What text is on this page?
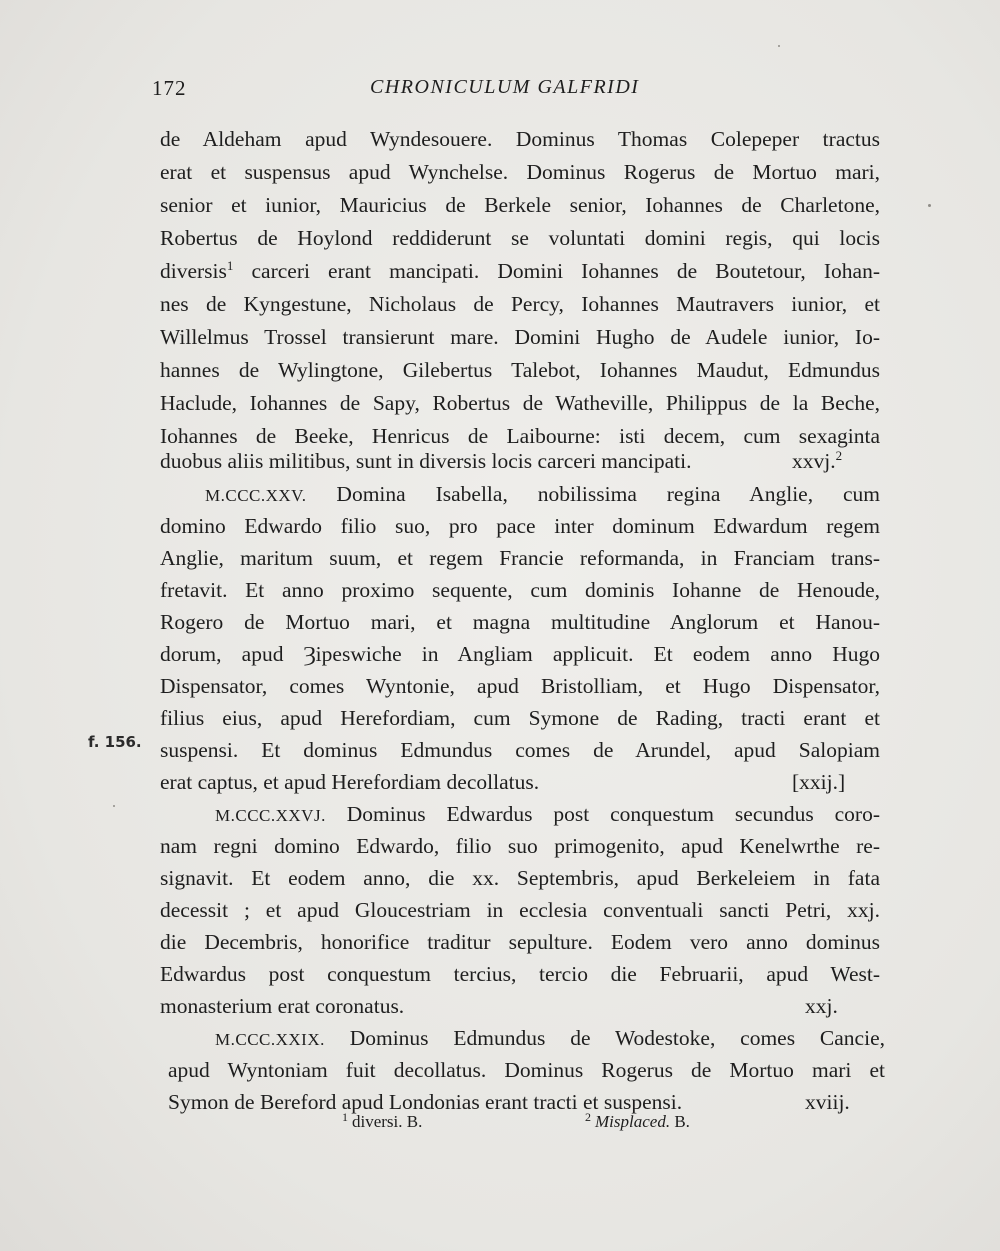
172	CHRONICULUM GALFRIDI
f. 156.
de Aldeham apud Wyndesouere. Dominus Thomas Colepeper tractus
erat et suspensus apud Wynchelse. Dominus Rogerus de Mortuo mari,
senior et iunior, Mauricius de Berkele senior, Iohannes de Charletone,
Robertus de Hoylond reddiderunt se voluntati domini regis, qui locis
diversis$^1$ carceri erant mancipati. Domini Iohannes de Boutetour, Iohan-
nes de Kyngestune, Nicholaus de Percy, Iohannes Mautravers iunior, et
Willelmus Trossel transierunt mare. Domini Hugho de Audele iunior, Io-
hannes de Wylingtone, Gilebertus Talebot, Iohannes Maudut, Edmundus
Haclude, Iohannes de Sapy, Robertus de Watheville, Philippus de la Beche,
Iohannes de Beeke, Henricus de Laibourne: isti decem, cum sexaginta
duobus aliis militibus, sunt in diversis locis carceri mancipati.	xxvj.$^2$
M.CCC.XXV. Domina Isabella, nobilissima regina Anglie, cum
domino Edwardo filio suo, pro pace inter dominum Edwardum regem
Anglie, maritum suum, et regem Francie reformanda, in Franciam trans-
fretavit. Et anno proximo sequente, cum dominis Iohanne de Henoude,
Rogero de Mortuo mari, et magna multitudine Anglorum et Hanou-
dorum, apud Ȝipeswiche in Angliam applicuit. Et eodem anno Hugo
Dispensator, comes Wyntonie, apud Bristolliam, et Hugo Dispensator,
filius eius, apud Herefordiam, cum Symone de Rading, tracti erant et
suspensi. Et dominus Edmundus comes de Arundel, apud Salopiam
erat captus, et apud Herefordiam decollatus.	[xxij.]
M.CCC.XXVJ. Dominus Edwardus post conquestum secundus coro-
nam regni domino Edwardo, filio suo primogenito, apud Kenelwrthe re-
signavit. Et eodem anno, die xx. Septembris, apud Berkeleiem in fata
decessit ; et apud Gloucestriam in ecclesia conventuali sancti Petri, xxj.
die Decembris, honorifice traditur sepulture. Eodem vero anno dominus
Edwardus post conquestum tercius, tercio die Februarii, apud West-
monasterium erat coronatus.	xxj.
M.CCC.XXIX. Dominus Edmundus de Wodestoke, comes Cancie,
apud Wyntoniam fuit decollatus. Dominus Rogerus de Mortuo mari et
Symon de Bereford apud Londonias erant tracti et suspensi.	xviij.
$^1$ diversi. B.	$^2$ Misplaced. B.
